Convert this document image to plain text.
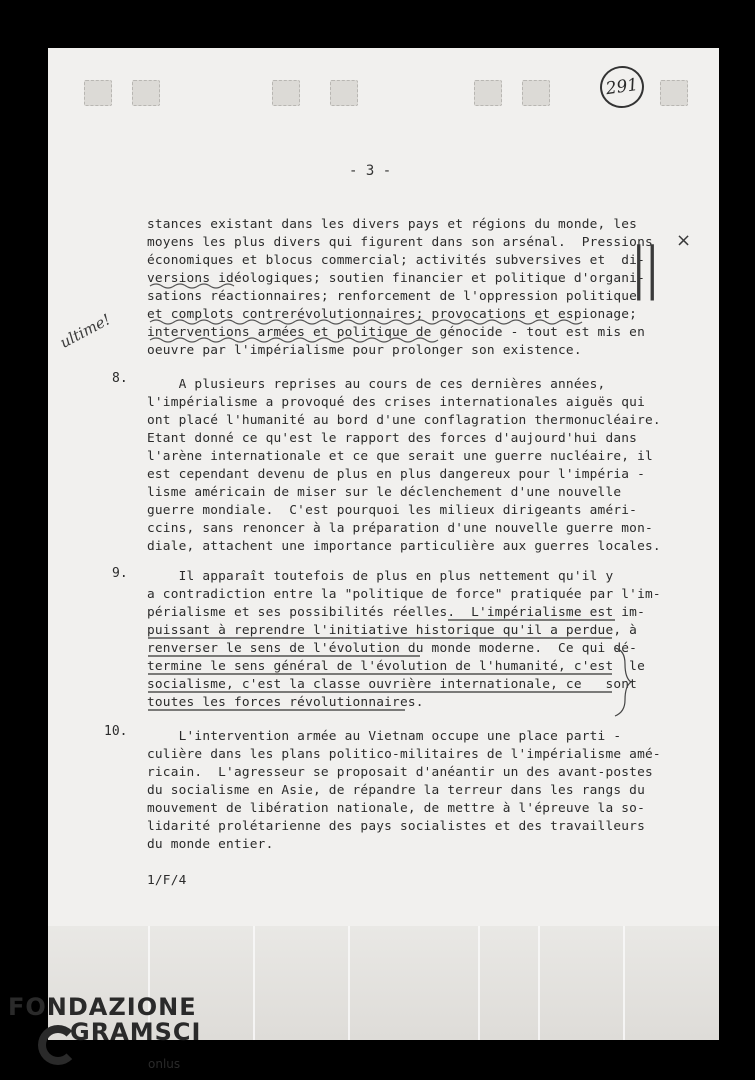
291
- 3 -
stances existant dans les divers pays et régions du monde, les
moyens les plus divers qui figurent dans son arsénal.  Pressions
économiques et blocus commercial; activités subversives et  di-
versions idéologiques; soutien financier et politique d'organi-
sations réactionnaires; renforcement de l'oppression politique
et complots contrerévolutionnaires; provocations et espionage;
interventions armées et politique de génocide - tout est mis en
oeuvre par l'impérialisme pour prolonger son existence.
8. A plusieurs reprises au cours de ces dernières années,
l'impérialisme a provoqué des crises internationales aiguës qui
ont placé l'humanité au bord d'une conflagration thermonucléaire.
Etant donné ce qu'est le rapport des forces d'aujourd'hui dans
l'arène internationale et ce que serait une guerre nucléaire, il
est cependant devenu de plus en plus dangereux pour l'impéria -
lisme américain de miser sur le déclenchement d'une nouvelle
guerre mondiale.  C'est pourquoi les milieux dirigeants améri-
ccins, sans renoncer à la préparation d'une nouvelle guerre mon-
diale, attachent une importance particulière aux guerres locales.
9. Il apparaît toutefois de plus en plus nettement qu'il y
a contradiction entre la "politique de force" pratiquée par l'im-
périalisme et ses possibilités réelles.  L'impérialisme est im-
puissant à reprendre l'initiative historique qu'il a perdue, à
renverser le sens de l'évolution du monde moderne.  Ce qui dé-
termine le sens général de l'évolution de l'humanité, c'est  le
socialisme, c'est la classe ouvrière internationale, ce   sont
toutes les forces révolutionnaires.
10. L'intervention armée au Vietnam occupe une place parti -
culière dans les plans politico-militaires de l'impérialisme amé-
ricain.  L'agresseur se proposait d'anéantir un des avant-postes
du socialisme en Asie, de répandre la terreur dans les rangs du
mouvement de libération nationale, de mettre à l'épreuve la so-
lidarité prolétarienne des pays socialistes et des travailleurs
du monde entier.
1/F/4
ultime!
×
||
FONDAZIONE
GRAMSCI
onlus
